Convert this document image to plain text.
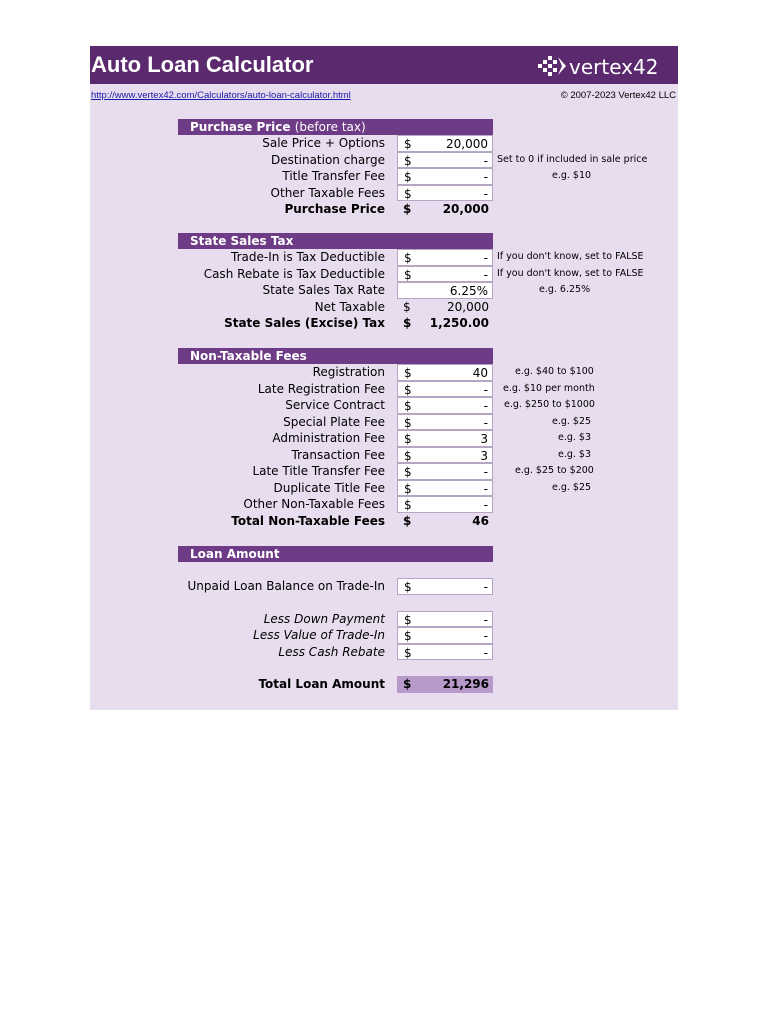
Auto Loan Calculator	vertex42
http://www.vertex42.com/Calculators/auto-loan-calculator.html	© 2007-2023 Vertex42 LLC
Purchase Price (before tax)
Sale Price + Options $	20,000
Destination charge $	- Set to 0 if included in sale price
Title Transfer Fee $	-	e.g. $10
Other Taxable Fees $	-
Purchase Price $	20,000
State Sales Tax
Trade-In is Tax Deductible $	- If you don't know, set to FALSE
Cash Rebate is Tax Deductible $	- If you don't know, set to FALSE
State Sales Tax Rate	6.25%	e.g. 6.25%
Net Taxable $	20,000
State Sales (Excise) Tax $ 1,250.00
Non-Taxable Fees
Registration $	40	e.g. $40 to $100
Late Registration Fee $	- e.g. $10 per month
Service Contract $	- e.g. $250 to $1000
Special Plate Fee $	-	e.g. $25
Administration Fee $	3	e.g. $3
Transaction Fee $	3	e.g. $3
Late Title Transfer Fee $	-	e.g. $25 to $200
Duplicate Title Fee $	-	e.g. $25
Other Non-Taxable Fees $	-
Total Non-Taxable Fees $	46
Loan Amount
Unpaid Loan Balance on Trade-In $	-
Less Down Payment $	-
Less Value of Trade-In $	-
Less Cash Rebate $	-
Total Loan Amount $	21,296
